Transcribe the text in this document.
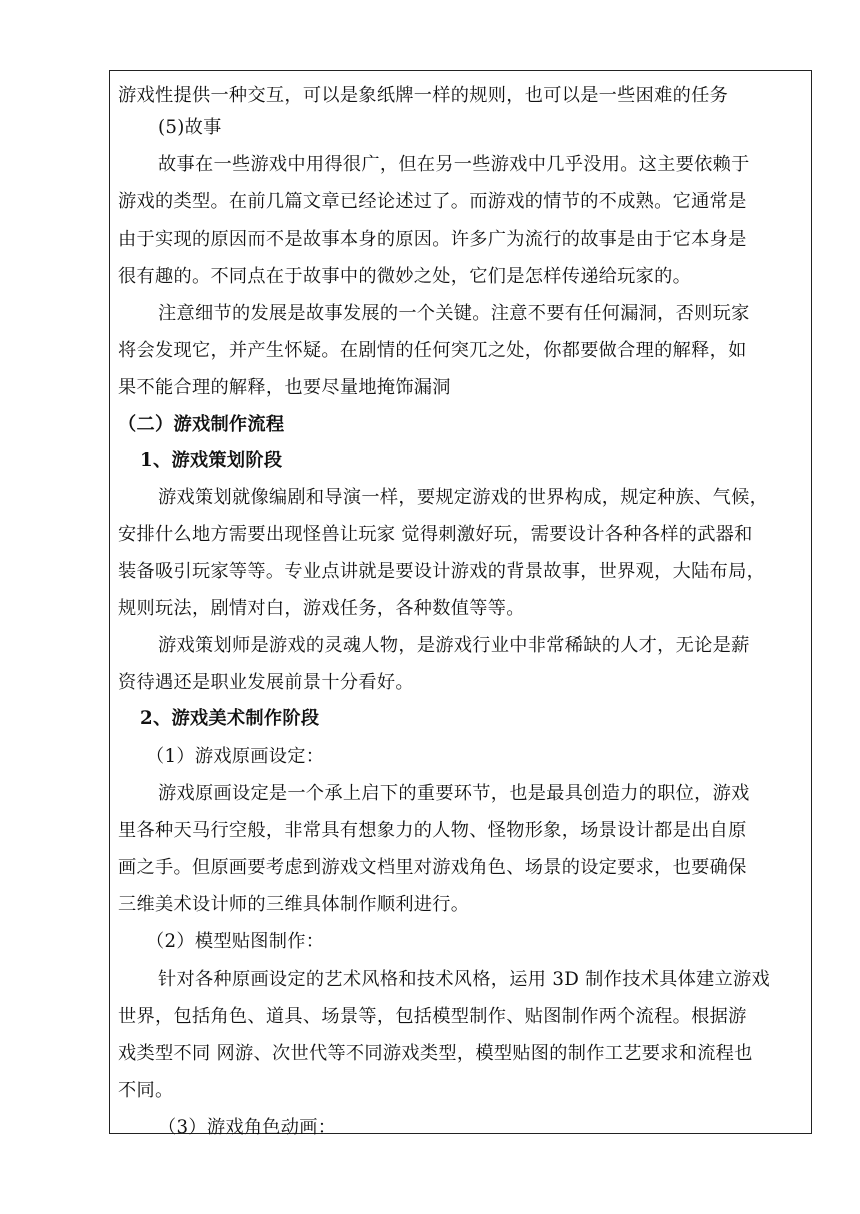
游戏性提供一种交互，可以是象纸牌一样的规则，也可以是一些困难的任务
(5)故事
故事在一些游戏中用得很广，但在另一些游戏中几乎没用。这主要依赖于
游戏的类型。在前几篇文章已经论述过了。而游戏的情节的不成熟。它通常是
由于实现的原因而不是故事本身的原因。许多广为流行的故事是由于它本身是
很有趣的。不同点在于故事中的微妙之处，它们是怎样传递给玩家的。
注意细节的发展是故事发展的一个关键。注意不要有任何漏洞，否则玩家
将会发现它，并产生怀疑。在剧情的任何突兀之处，你都要做合理的解释，如
果不能合理的解释，也要尽量地掩饰漏洞
（二）游戏制作流程
1、游戏策划阶段
游戏策划就像编剧和导演一样，要规定游戏的世界构成，规定种族、气候，
安排什么地方需要出现怪兽让玩家 觉得刺激好玩，需要设计各种各样的武器和
装备吸引玩家等等。专业点讲就是要设计游戏的背景故事，世界观，大陆布局，
规则玩法，剧情对白，游戏任务，各种数值等等。
游戏策划师是游戏的灵魂人物，是游戏行业中非常稀缺的人才，无论是薪
资待遇还是职业发展前景十分看好。
2、游戏美术制作阶段
（1）游戏原画设定：
游戏原画设定是一个承上启下的重要环节，也是最具创造力的职位，游戏
里各种天马行空般，非常具有想象力的人物、怪物形象，场景设计都是出自原
画之手。但原画要考虑到游戏文档里对游戏角色、场景的设定要求，也要确保
三维美术设计师的三维具体制作顺利进行。
（2）模型贴图制作：
针对各种原画设定的艺术风格和技术风格，运用 3D 制作技术具体建立游戏
世界，包括角色、道具、场景等，包括模型制作、贴图制作两个流程。根据游
戏类型不同 网游、次世代等不同游戏类型，模型贴图的制作工艺要求和流程也
不同。
（3）游戏角色动画：
